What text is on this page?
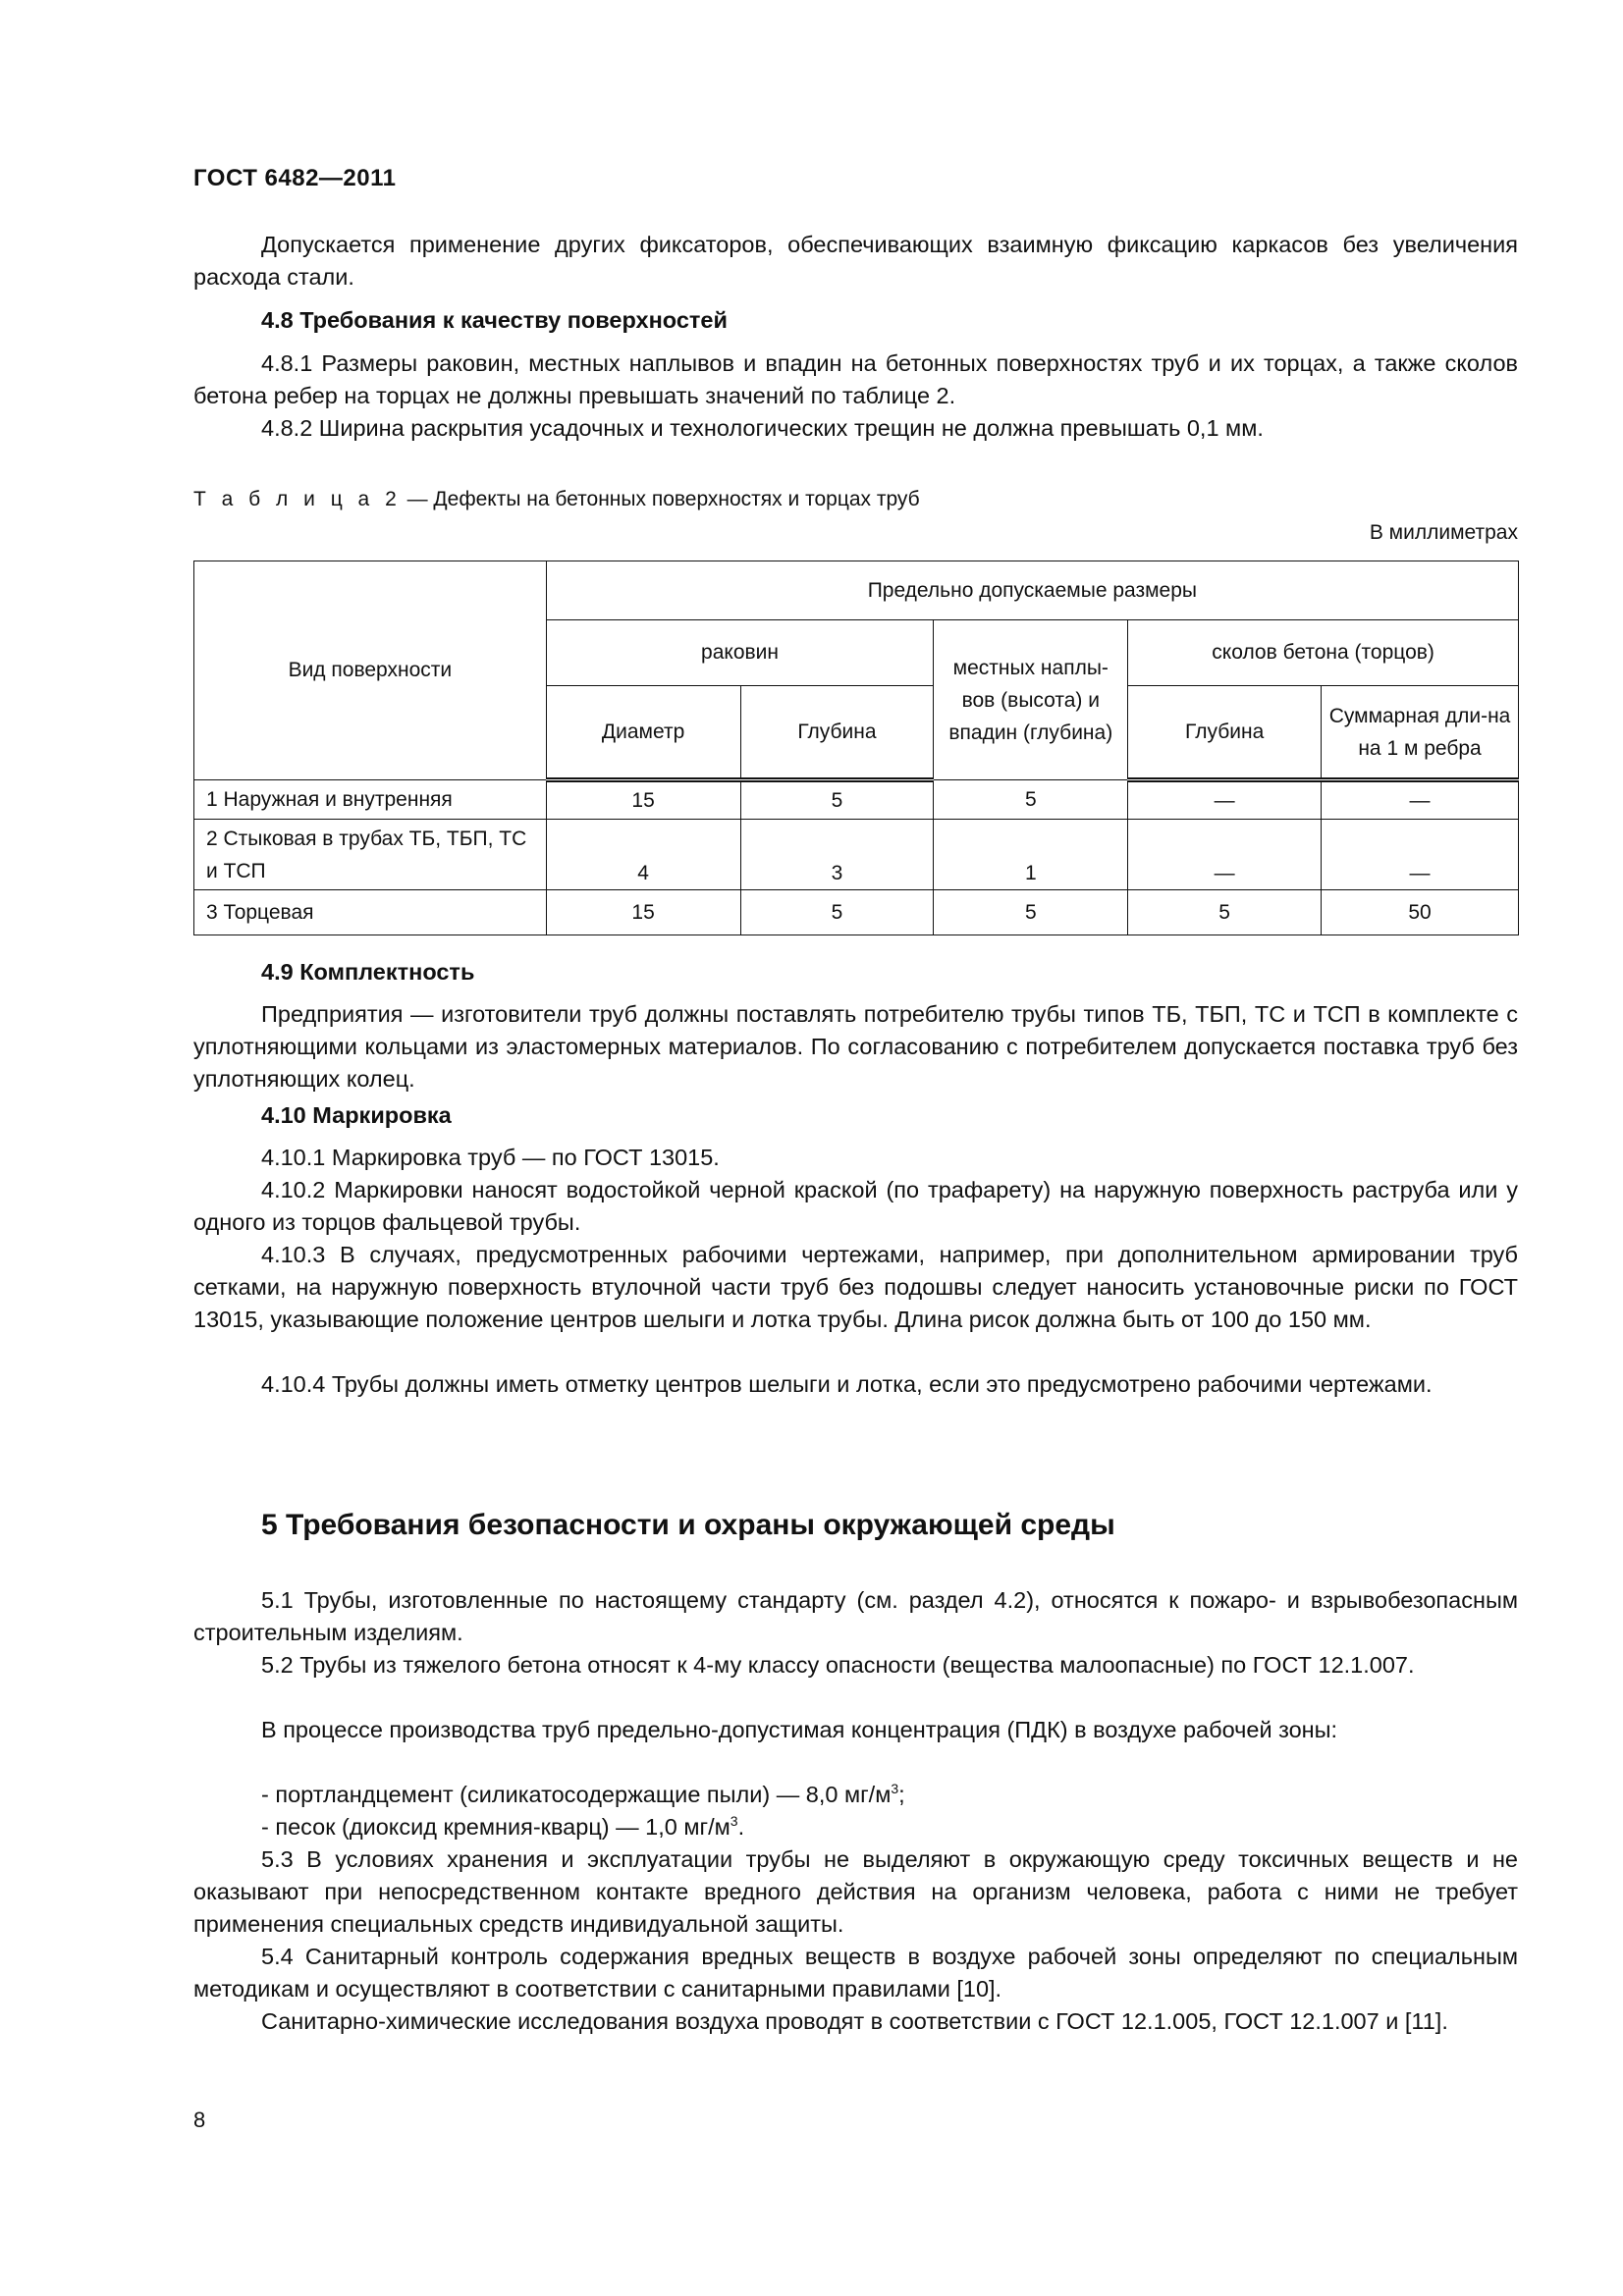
ГОСТ 6482—2011
Допускается применение других фиксаторов, обеспечивающих взаимную фиксацию каркасов без увеличения расхода стали.
4.8 Требования к качеству поверхностей
4.8.1 Размеры раковин, местных наплывов и впадин на бетонных поверхностях труб и их торцах, а также сколов бетона ребер на торцах не должны превышать значений по таблице 2.
4.8.2 Ширина раскрытия усадочных и технологических трещин не должна превышать 0,1 мм.
Т а б л и ц а 2 — Дефекты на бетонных поверхностях и торцах труб
В миллиметрах
Вид поверхности	Предельно допускаемые размеры				
	раковин		местных наплы-вов (высота) и впадин (глубина)	сколов бетона (торцов)	
	Диаметр	Глубина		Глубина	Суммарная дли-на на 1 м ребра
1 Наружная и внутренняя	15	5	5	—	—
2 Стыковая в трубах ТБ, ТБП, ТС и ТСП	4	3	1	—	—
3 Торцевая	15	5	5	5	50
4.9 Комплектность
Предприятия — изготовители труб должны поставлять потребителю трубы типов ТБ, ТБП, ТС и ТСП в комплекте с уплотняющими кольцами из эластомерных материалов. По согласованию с потребителем допускается поставка труб без уплотняющих колец.
4.10 Маркировка
4.10.1 Маркировка труб — по ГОСТ 13015.
4.10.2 Маркировки наносят водостойкой черной краской (по трафарету) на наружную поверхность раструба или у одного из торцов фальцевой трубы.
4.10.3 В случаях, предусмотренных рабочими чертежами, например, при дополнительном армировании труб сетками, на наружную поверхность втулочной части труб без подошвы следует наносить установочные риски по ГОСТ 13015, указывающие положение центров шелыги и лотка трубы. Длина рисок должна быть от 100 до 150 мм.
4.10.4 Трубы должны иметь отметку центров шелыги и лотка, если это предусмотрено рабочими чертежами.
5 Требования безопасности и охраны окружающей среды
5.1 Трубы, изготовленные по настоящему стандарту (см. раздел 4.2), относятся к пожаро- и взрывобезопасным строительным изделиям.
5.2 Трубы из тяжелого бетона относят к 4-му классу опасности (вещества малоопасные) по ГОСТ 12.1.007.
В процессе производства труб предельно-допустимая концентрация (ПДК) в воздухе рабочей зоны:
- портландцемент (силикатосодержащие пыли) — 8,0 $мг/м^3$;
- песок (диоксид кремния-кварц) — 1,0 $мг/м^3$.
5.3 В условиях хранения и эксплуатации трубы не выделяют в окружающую среду токсичных веществ и не оказывают при непосредственном контакте вредного действия на организм человека, работа с ними не требует применения специальных средств индивидуальной защиты.
5.4 Санитарный контроль содержания вредных веществ в воздухе рабочей зоны определяют по специальным методикам и осуществляют в соответствии с санитарными правилами [10].
Санитарно-химические исследования воздуха проводят в соответствии с ГОСТ 12.1.005, ГОСТ 12.1.007 и [11].
8
